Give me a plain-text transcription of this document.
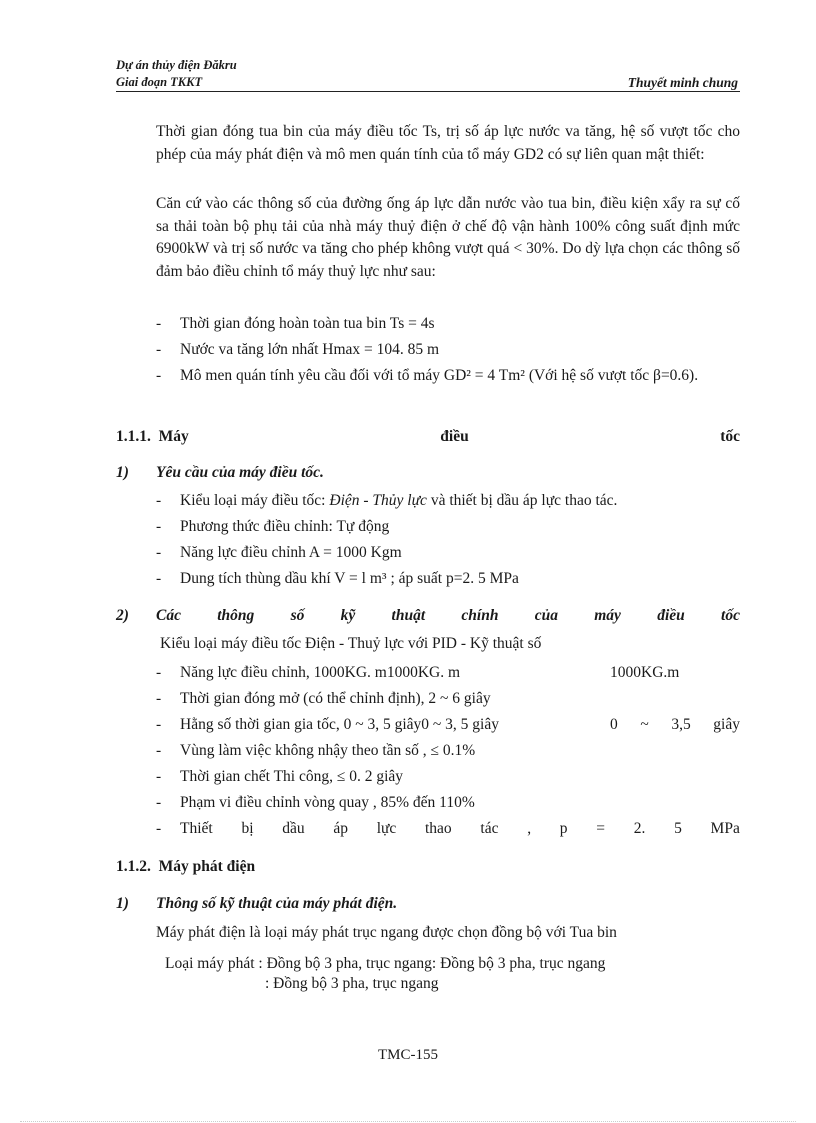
Dự án thủy điện Đăkru
Giai đoạn TKKT	Thuyết minh chung
Thời gian đóng tua bin của máy điều tốc Ts, trị số áp lực nước va tăng, hệ số vượt tốc cho phép của máy phát điện và mô men quán tính của tổ máy GD2 có sự liên quan mật thiết:
Căn cứ vào các thông số của đường ống áp lực dẫn nước vào tua bin, điều kiện xẩy ra sự cố sa thải toàn bộ phụ tải của nhà máy thuỷ điện ở chế độ vận hành 100% công suất định mức 6900kW và trị số nước va tăng cho phép không vượt quá < 30%. Do dỳ lựa chọn các thông số đảm bảo điều chỉnh tổ máy thuỷ lực như sau:
- Thời gian đóng hoàn toàn tua bin Ts = 4s
- Nước va tăng lớn nhất Hmax = 104. 85 m
- Mô men quán tính yêu cầu đối với tổ máy GD² = 4 Tm² (Với hệ số vượt tốc β=0.6).
1.1.1. Máy	điều	tốc
1) Yêu cầu của máy điều tốc.
- Kiểu loại máy điều tốc: Điện - Thủy lực và thiết bị dầu áp lực thao tác.
- Phương thức điều chỉnh: Tự động
- Năng lực điều chỉnh A = 1000 Kgm
- Dung tích thùng dầu khí V = l m³ ; áp suất p=2. 5 MPa
2) Các thông số kỹ thuật chính của máy điều tốc
Kiểu loại máy điều tốc Điện - Thuỷ lực với PID - Kỹ thuật số
- Năng lực điều chỉnh, 1000KG. m1000KG. m	1000KG.m
- Thời gian đóng mở (có thể chỉnh định), 2 ~ 6 giây
- Hằng số thời gian gia tốc, 0 ~ 3, 5 giây0 ~ 3, 5 giây	0 ~ 3,5 giây
- Vùng làm việc không nhậy theo tần số , ≤ 0.1%
- Thời gian chết Thi công, ≤ 0. 2 giây
- Phạm vi điều chỉnh vòng quay , 85% đến 110%
- Thiết bị dầu áp lực thao tác , p = 2. 5 MPa
1.1.2. Máy phát điện
1) Thông số kỹ thuật của máy phát điện.
Máy phát điện là loại máy phát trục ngang được chọn đồng bộ với Tua bin
Loại máy phát : Đồng bộ 3 pha, trục ngang: Đồng bộ 3 pha, trục ngang
: Đồng bộ 3 pha, trục ngang
TMC-155
